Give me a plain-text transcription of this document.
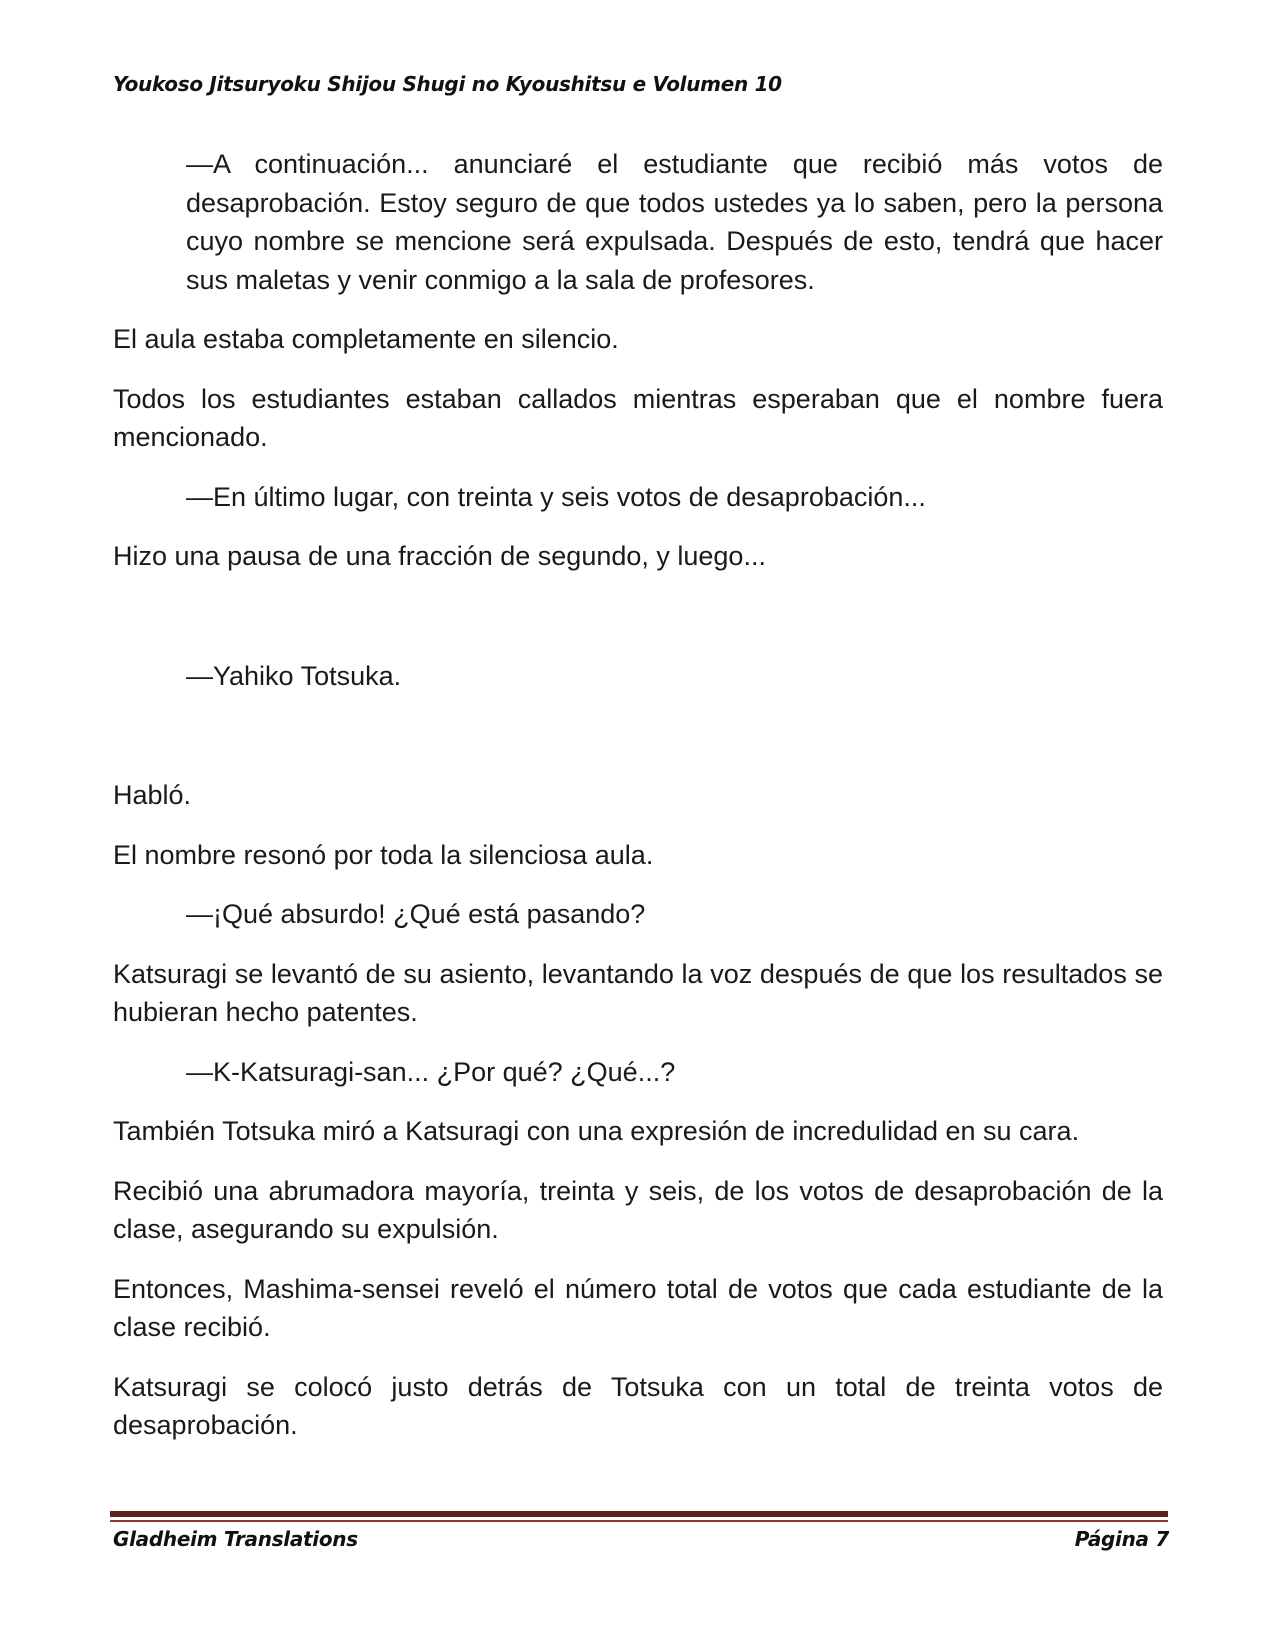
Youkoso Jitsuryoku Shijou Shugi no Kyoushitsu e Volumen 10

—A continuación... anunciaré el estudiante que recibió más votos de desaprobación. Estoy seguro de que todos ustedes ya lo saben, pero la persona cuyo nombre se mencione será expulsada. Después de esto, tendrá que hacer sus maletas y venir conmigo a la sala de profesores.

El aula estaba completamente en silencio.

Todos los estudiantes estaban callados mientras esperaban que el nombre fuera mencionado.

—En último lugar, con treinta y seis votos de desaprobación...

Hizo una pausa de una fracción de segundo, y luego...

—Yahiko Totsuka.

Habló.

El nombre resonó por toda la silenciosa aula.

—¡Qué absurdo! ¿Qué está pasando?

Katsuragi se levantó de su asiento, levantando la voz después de que los resultados se hubieran hecho patentes.

—K-Katsuragi-san... ¿Por qué? ¿Qué...?

También Totsuka miró a Katsuragi con una expresión de incredulidad en su cara.

Recibió una abrumadora mayoría, treinta y seis, de los votos de desaprobación de la clase, asegurando su expulsión.

Entonces, Mashima-sensei reveló el número total de votos que cada estudiante de la clase recibió.

Katsuragi se colocó justo detrás de Totsuka con un total de treinta votos de desaprobación.

Gladheim Translations	Página 7
